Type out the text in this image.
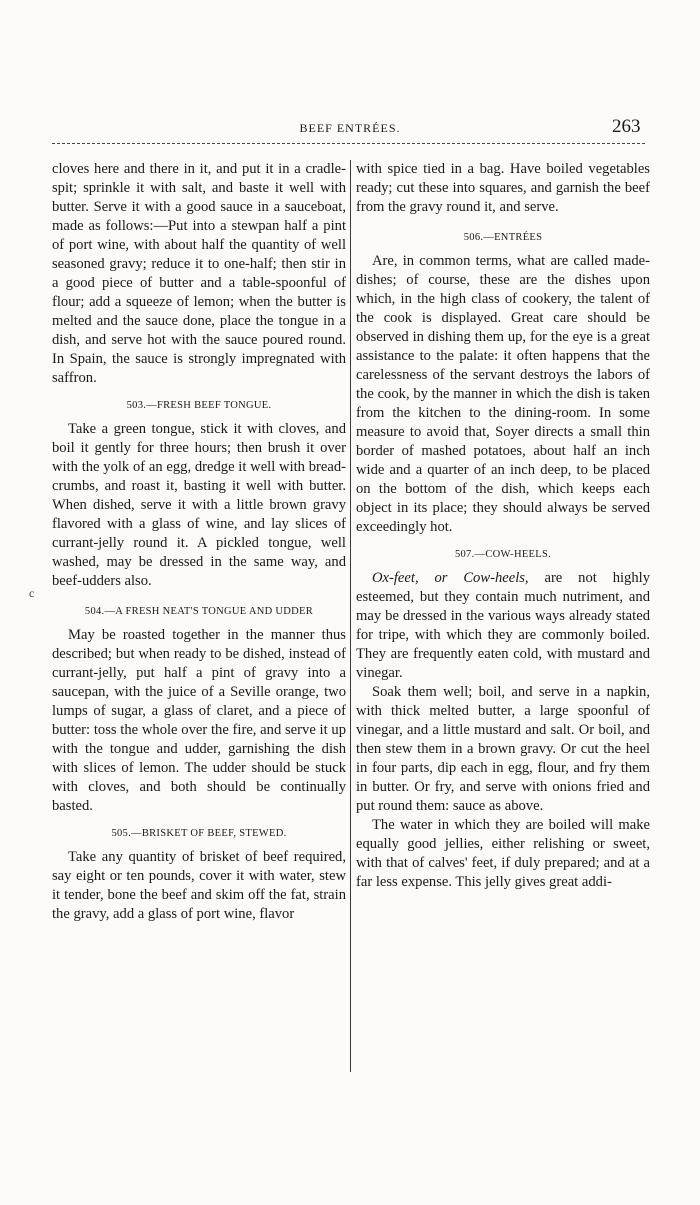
BEEF ENTRÉES.	263
c

cloves here and there in it, and put it in a cradle-spit; sprinkle it with salt, and baste it well with butter. Serve it with a good sauce in a sauceboat, made as follows:—Put into a stewpan half a pint of port wine, with about half the quantity of well seasoned gravy; reduce it to one-half; then stir in a good piece of butter and a table-spoonful of flour; add a squeeze of lemon; when the butter is melted and the sauce done, place the tongue in a dish, and serve hot with the sauce poured round. In Spain, the sauce is strongly impregnated with saffron.

503.—FRESH BEEF TONGUE.

Take a green tongue, stick it with cloves, and boil it gently for three hours; then brush it over with the yolk of an egg, dredge it well with bread-crumbs, and roast it, basting it well with butter. When dished, serve it with a little brown gravy flavored with a glass of wine, and lay slices of currant-jelly round it. A pickled tongue, well washed, may be dressed in the same way, and beef-udders also.

504.—A FRESH NEAT'S TONGUE AND UDDER

May be roasted together in the manner thus described; but when ready to be dished, instead of currant-jelly, put half a pint of gravy into a saucepan, with the juice of a Seville orange, two lumps of sugar, a glass of claret, and a piece of butter: toss the whole over the fire, and serve it up with the tongue and udder, garnishing the dish with slices of lemon. The udder should be stuck with cloves, and both should be continually basted.

505.—BRISKET OF BEEF, STEWED.

Take any quantity of brisket of beef required, say eight or ten pounds, cover it with water, stew it tender, bone the beef and skim off the fat, strain the gravy, add a glass of port wine, flavor

with spice tied in a bag. Have boiled vegetables ready; cut these into squares, and garnish the beef from the gravy round it, and serve.

506.—ENTRÉES

Are, in common terms, what are called made-dishes; of course, these are the dishes upon which, in the high class of cookery, the talent of the cook is displayed. Great care should be observed in dishing them up, for the eye is a great assistance to the palate: it often happens that the carelessness of the servant destroys the labors of the cook, by the manner in which the dish is taken from the kitchen to the dining-room. In some measure to avoid that, Soyer directs a small thin border of mashed potatoes, about half an inch wide and a quarter of an inch deep, to be placed on the bottom of the dish, which keeps each object in its place; they should always be served exceedingly hot.

507.—COW-HEELS.

Ox-feet, or Cow-heels, are not highly esteemed, but they contain much nutriment, and may be dressed in the various ways already stated for tripe, with which they are commonly boiled. They are frequently eaten cold, with mustard and vinegar.

Soak them well; boil, and serve in a napkin, with thick melted butter, a large spoonful of vinegar, and a little mustard and salt. Or boil, and then stew them in a brown gravy. Or cut the heel in four parts, dip each in egg, flour, and fry them in butter. Or fry, and serve with onions fried and put round them: sauce as above.

The water in which they are boiled will make equally good jellies, either relishing or sweet, with that of calves' feet, if duly prepared; and at a far less expense. This jelly gives great addi-
